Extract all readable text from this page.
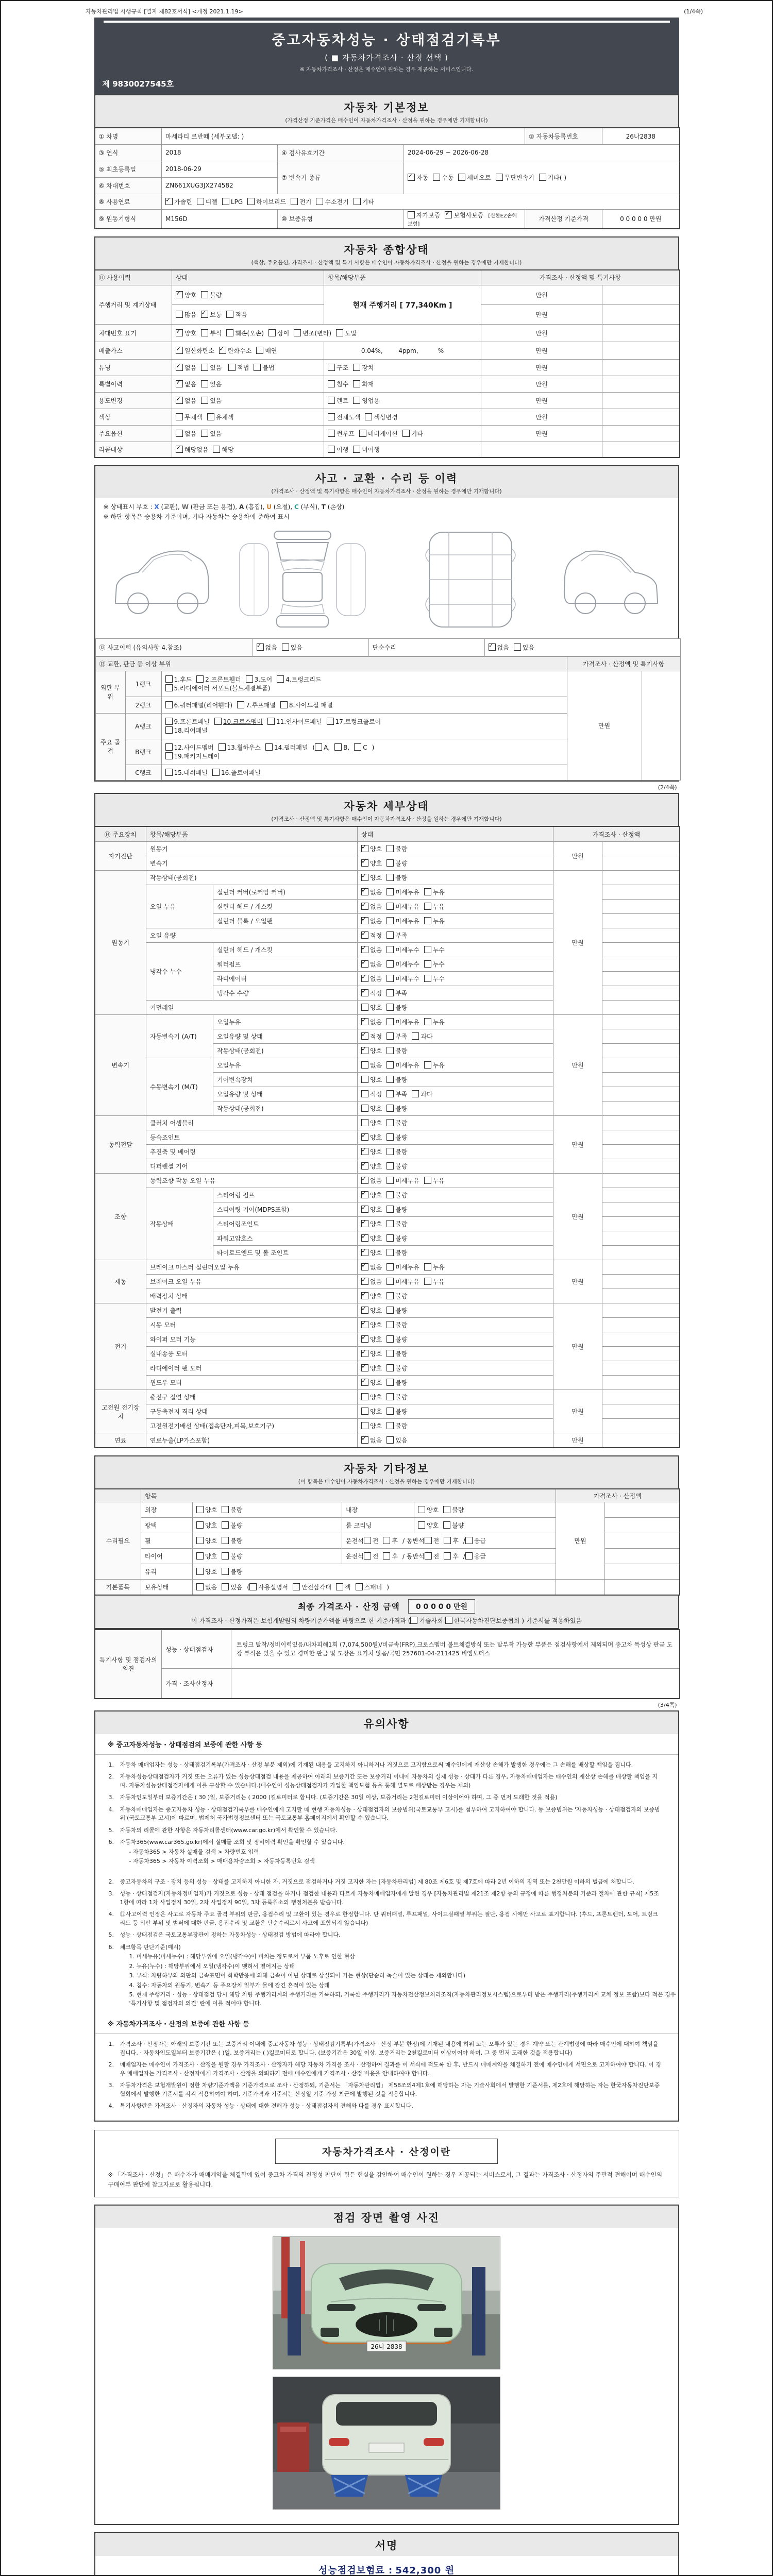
자동차관리법 시행규칙 [별지 제82호서식] <개정 2021.1.19>	(1/4쪽)
중고자동차성능 · 상태점검기록부
( ■ 자동차가격조사 · 산정 선택 )
※ 자동차가격조사 · 산정은 매수인이 원하는 경우 제공하는 서비스입니다.
제 9830027545호
자동차 기본정보
(가격산정 기준가격은 매수인이 자동차가격조사 · 산정을 원하는 경우에만 기재합니다)
① 차명	마세라티 르반떼 (세부모델: )			② 자동차등록번호	26나2838
③ 연식	2018	④ 검사유효기간	2024-06-29 ~ 2026-06-28		
⑤ 최초등록일	2018-06-29	⑦ 변속기 종류	✓자동 수동 세미오토 무단변속기 기타( )
⑥ 차대번호	ZN661XUG3JX274582				
⑧ 사용연료	✓가솔린 디젤 LPG 하이브리드 전기 수소전기 기타
⑨ 원동기형식	M156D	⑩ 보증유형	자가보증 ✓ 보험사보증 [신한EZ손해보험]	가격산정 기준가격	0 0 0 0 0 만원
자동차 종합상태
(색상, 주요옵션, 가격조사 · 산정액 및 특기 사항은 매수인이 자동차가격조사 · 산정을 원하는 경우에만 기재합니다)
⑪ 사용이력	상태	항목/해당부품	가격조사 · 산정액 및 특기사항	
주행거리 및 계기상태	✓양호 불량	현재 주행거리 [ 77,340Km ]	만원	
	많음 ✓ 보통 적음		만원	
차대번호 표기	✓양호 부식 훼손(오손) 상이 변조(변타) 도말		만원	
배출가스	✓일산화탄소 ✓ 탄화수소 매연	0.04%,        4ppm,          %	만원	
튜닝	✓없음 있음 적법 불법	구조 장치	만원	
특별이력	✓없음 있음	침수 화재	만원	
용도변경	✓없음 있음	렌트 영업용	만원	
색상	무채색 유채색	전체도색 색상변경	만원	
주요옵션	없음 있음	썬루프 네비게이션 기타	만원	
리콜대상	✓해당없음 해당	이행 미이행		
사고 · 교환 · 수리 등 이력
(가격조사 · 산정액 및 특기사항은 매수인이 자동차가격조사 · 산정을 원하는 경우에만 기재합니다)
※ 상태표시 부호 : X (교환), W (판금 또는 용접), A (흠집), U (요철), C (부식), T (손상)
※ 하단 항목은 승용차 기준이며, 기타 자동차는 승용차에 준하여 표시
⑫ 사고이력 (유의사항 4.참조)	✓없음 있음	단순수리	✓없음 있음
⑬ 교환, 판금 등 이상 부위			가격조사 · 산정액 및 특기사항	
외판 부위	1랭크	1.후드 2.프론트휀더 3.도어 4.트렁크리드
5.라디에이터 서포트(볼트체결부품)	만원	
	2랭크	6.쿼터패널(리어휀다) 7.루프패널 8.사이드실 패널		
주요 골격	A랭크	9.프론트패널 10.크로스멤버 11.인사이드패널 17.트렁크플로어
18.리어패널		
	B랭크	12.사이드멤버 13.휠하우스 14.필러패널 ( A, B, C )
19.패키지트레이		
	C랭크	15.대쉬패널 16.플로어패널		
(2/4쪽)
자동차 세부상태
(가격조사 · 산정액 및 특기사항은 매수인이 자동차가격조사 · 산정을 원하는 경우에만 기재합니다)
⑭ 주요장치	항목/해당부품		상태	가격조사 · 산정액	
자기진단	원동기	✓양호 불량	만원	
	변속기	✓양호 불량	
원동기	작동상태(공회전)	✓양호 불량	만원	
	오일 누유	실린더 커버(로커암 커버)	✓없음 미세누유 누유	
		실린더 헤드 / 개스킷	✓없음 미세누유 누유	
		실린더 블록 / 오일팬	✓없음 미세누유 누유	
	오일 유량	✓적정 부족	
	냉각수 누수	실린더 헤드 / 개스킷	✓없음 미세누수 누수	
		워터펌프	✓없음 미세누수 누수	
		라디에이터	✓없음 미세누수 누수	
		냉각수 수량	✓적정 부족	
	커먼레일		양호 불량		
변속기	자동변속기 (A/T)	오일누유	✓없음 미세누유 누유	만원	
		오일유량 및 상태	✓적정 부족 과다	
		작동상태(공회전)	✓양호 불량	
	수동변속기 (M/T)	오일누유	없음 미세누유 누유		
		기어변속장치	양호 불량		
		오일유량 및 상태	적정 부족 과다		
		작동상태(공회전)	양호 불량		
동력전달	클러치 어셈블리		양호 불량	만원	
	등속조인트	✓양호 불량	
	추진축 및 베어링	✓양호 불량	
	디퍼렌셜 기어	✓양호 불량	
조향	동력조향 작동 오일 누유	✓없음 미세누유 누유	만원	
	작동상태	스티어링 펌프	✓양호 불량	
		스티어링 기어(MDPS포함)	✓양호 불량	
		스티어링조인트	✓양호 불량	
		파워고압호스	✓양호 불량	
		타이로드엔드 및 볼 조인트	✓양호 불량	
제동	브레이크 마스터 실린더오일 누유	✓없음 미세누유 누유	만원	
	브레이크 오일 누유	✓없음 미세누유 누유	
	배력장치 상태	✓양호 불량	
전기	발전기 출력	✓양호 불량	만원	
	시동 모터	✓양호 불량	
	와이퍼 모터 기능	✓양호 불량	
	실내송풍 모터	✓양호 불량	
	라디에이터 팬 모터	✓양호 불량	
	윈도우 모터	✓양호 불량	
고전원 전기장치	충전구 절연 상태		양호 불량	만원	
	구동축전지 격리 상태		양호 불량		
	고전원전기배선 상태(접속단자,피복,보호기구)		양호 불량		
연료	연료누출(LP가스포함)	✓없음 있음	만원	
자동차 기타정보
(이 항목은 매수인이 자동차가격조사 · 산정을 원하는 경우에만 기재합니다)
	항목				가격조사 · 산정액	
수리필요	외장	양호 불량	내장	양호 불량	만원	
	광택	양호 불량	룸 크리닝	양호 불량		
	휠	양호 불량	운전석 전 후 / 동반석 전 후 / 응급			
	타이어	양호 불량	운전석 전 후 / 동반석 전 후 / 응급			
	유리	양호 불량				
기본품목	보유상태	없음 있음 ( 사용설명서 안전삼각대 잭 스패너 )				
최종 가격조사 · 산정 금액	0 0 0 0 0 만원
이 가격조사 · 산정가격은 보험개발원의 차량기준가액을 바탕으로 한 기준가격과 ( 기술사회 한국자동차진단보증협회 ) 기준서를 적용하였음
특기사항 및 점검자의 의견	성능 · 상태점검자	트렁크 탈착/정비이력있음/내차피해1회 (7,074,500원)/비금속(FRP),크로스멤버 볼트체결방식 또는 탈부착 가능한 부품은 점검사항에서 제외되며 중고차 특성상 판금 도장 부식은 있을 수 있고 경미한 판금 및 도장은 표기치 않음/국민 257601-04-211425 비엠모터스
	가격 · 조사산정자	
(3/4쪽)
유의사항
※ 중고자동차성능 · 상태점검의 보증에 관한 사항 등
1.	자동차 매매업자는 성능 · 상태점검기록부(가격조사 · 산정 부분 제외)에 기재된 내용을 고지하지 아니하거나 거짓으로 고지함으로써 매수인에게 재산상 손해가 발생한 경우에는 그 손해를 배상할 책임을 집니다.
2.	자동차성능상태점검자가 거짓 또는 오류가 있는 성능상태점검 내용을 제공하여 아래의 보증기간 또는 보증거리 이내에 자동차의 실제 성능 · 상태가 다른 경우, 자동차매매업자는 매수인의 재산상 손해를 배상할 책임을 지며, 자동차성능상태점검자에게 이를 구상할 수 있습니다.(매수인이 성능상태점검자가 가입한 책임보험 등을 통해 별도로 배상받는 경우는 제외)
3.	자동차인도일부터 보증기간은 ( 30 )일, 보증거리는 ( 2000 )킬로미터로 합니다. (보증기간은 30일 이상, 보증거리는 2천킬로미터 이상이어야 하며, 그 중 먼저 도래한 것을 적용)
4.	자동차매매업자는 중고자동차 성능 · 상태점검기록부를 매수인에게 고지할 때 현행 자동차성능 · 상태점검자의 보증범위(국토교통부 고시)를 첨부하여 고지하여야 합니다. 동 보증범위는 '자동차성능 · 상태점검자의 보증범위'(국토교통부 고시)에 따르며, 법제처 국가법령정보센터 또는 국토교통부 홈페이지에서 확인할 수 있습니다.
5.	자동차의 리콜에 관한 사항은 자동차리콜센터(www.car.go.kr)에서 확인할 수 있습니다.
6.	자동차365(www.car365.go.kr)에서 실매물 조회 및 정비이력 확인을 확인할 수 있습니다.
- 자동차365 > 자동차 실매물 검색 > 차량번호 입력
- 자동차365 > 자동차 이력조회 > 매매용차량조회 > 자동차등록번호 검색
2.	중고자동차의 구조 · 장치 등의 성능 · 상태를 고지하지 아니한 자, 거짓으로 점검하거나 거짓 고지한 자는 [자동차관리법] 제 80조 제6호 및 제7호에 따라 2년 이하의 징역 또는 2천만원 이하의 벌금에 처합니다.
3.	성능 · 상태점검자(자동차정비업자)가 거짓으로 성능 · 상태 점검을 하거나 점검한 내용과 다르게 자동차매매업자에게 알린 경우 [자동차관리법 제21조 제2항 등의 규정에 따른 행정처분의 기준과 절차에 관한 규칙] 제5조 1항에 따라 1차 사업정지 30일, 2차 사업정지 90일, 3차 등록취소의 행정처분을 받습니다.
4.	⑫사고이력 인정은 사고로 자동차 주요 골격 부위의 판금, 용접수리 및 교환이 있는 경우로 한정합니다. 단 쿼터패널, 루프패널, 사이드실패널 부위는 절단, 용접 시에만 사고로 표기합니다. (후드, 프론트펜더, 도어, 트렁크리드 등 외판 부위 및 범퍼에 대한 판금, 용접수리 및 교환은 단순수리로서 사고에 포함되지 않습니다)
5.	성능 · 상태점검은 국토교통부장관이 정하는 자동차성능 · 상태점검 방법에 따라야 합니다.
6.	체크항목 판단기준(예시)
1. 미세누유(미세누수) : 해당부위에 오일(냉각수)이 비치는 정도로서 부품 노후로 인한 현상
2. 누유(누수) : 해당부위에서 오일(냉각수)이 맺혀서 떨어지는 상태
3. 부식: 차량하부와 외판의 금속표면이 화학반응에 의해 금속이 아닌 상태로 상실되어 가는 현상(단순히 녹슬어 있는 상태는 제외합니다)
4. 침수: 자동차의 원동기, 변속기 등 주요장치 일부가 물에 잠긴 흔적이 있는 상태
5. 현재 주행거리 · 성능 · 상태점검 당시 해당 차량 주행거리계의 주행거리를 기록하되, 기록한 주행거리가 자동차전산정보처리조직(자동차관리정보시스템)으로부터 받은 주행거리(주행거리계 교체 정보 포함)보다 적은 경우 '특기사항 및 점검자의 의견' 란에 이를 적어야 합니다.
※ 자동차가격조사 · 산정의 보증에 관한 사항 등
1.	가격조사 · 산정자는 아래의 보증기간 또는 보증거리 이내에 중고자동차 성능 · 상태점검기록부(가격조사 · 산정 부분 한정)에 기재된 내용에 허위 또는 오류가 있는 경우 계약 또는 관계법령에 따라 매수인에 대하여 책임을 집니다. · 자동차인도일부터 보증기간은 ( )일, 보증거리는 ( )킬로미터로 합니다. (보증기간은 30일 이상, 보증거리는 2천킬로미터 이상이어야 하며, 그 중 먼저 도래한 것을 적용합니다)
2.	매매업자는 매수인이 가격조사 · 산정을 원할 경우 가격조사 · 산정자가 해당 자동차 가격을 조사 · 산정하여 결과를 이 서식에 적도록 한 후, 반드시 매매계약을 체결하기 전에 매수인에게 서면으로 고지하여야 합니다. 이 경우 매매업자는 가격조사 · 산정자에게 가격조사 · 산정을 의뢰하기 전에 매수인에게 가격조사 · 산정 비용을 안내하여야 합니다.
3.	자동차가격은 보험개발원이 정한 차량기준가액을 기준가격으로 조사 · 산정하되, 기준서는 「자동차관리법」 제58조의4제1호에 해당하는 자는 기술사회에서 발행한 기준서를, 제2호에 해당하는 자는 한국자동차진단보증협회에서 발행한 기준서를 각각 적용하여야 하며, 기준가격과 기준서는 산정일 기준 가장 최근에 발행된 것을 적용합니다.
4.	특기사항란은 가격조사 · 산정자의 자동차 성능 · 상태에 대한 견해가 성능 · 상태점검자의 견해와 다를 경우 표시합니다.
자동차가격조사 · 산정이란
※ 「가격조사 · 산정」은 매수자가 매매계약을 체결함에 있어 중고차 가격의 진정성 판단이 힘든 현실을 감안하여 매수인이 원하는 경우 제공되는 서비스로서, 그 결과는 가격조사 · 산정자의 주관적 견해이며 매수인의 구매여부 판단에 참고자료로 활용됩니다.
점검 장면 촬영 사진
26나 2838
서명
성능점검보험료 : 542,300 원
